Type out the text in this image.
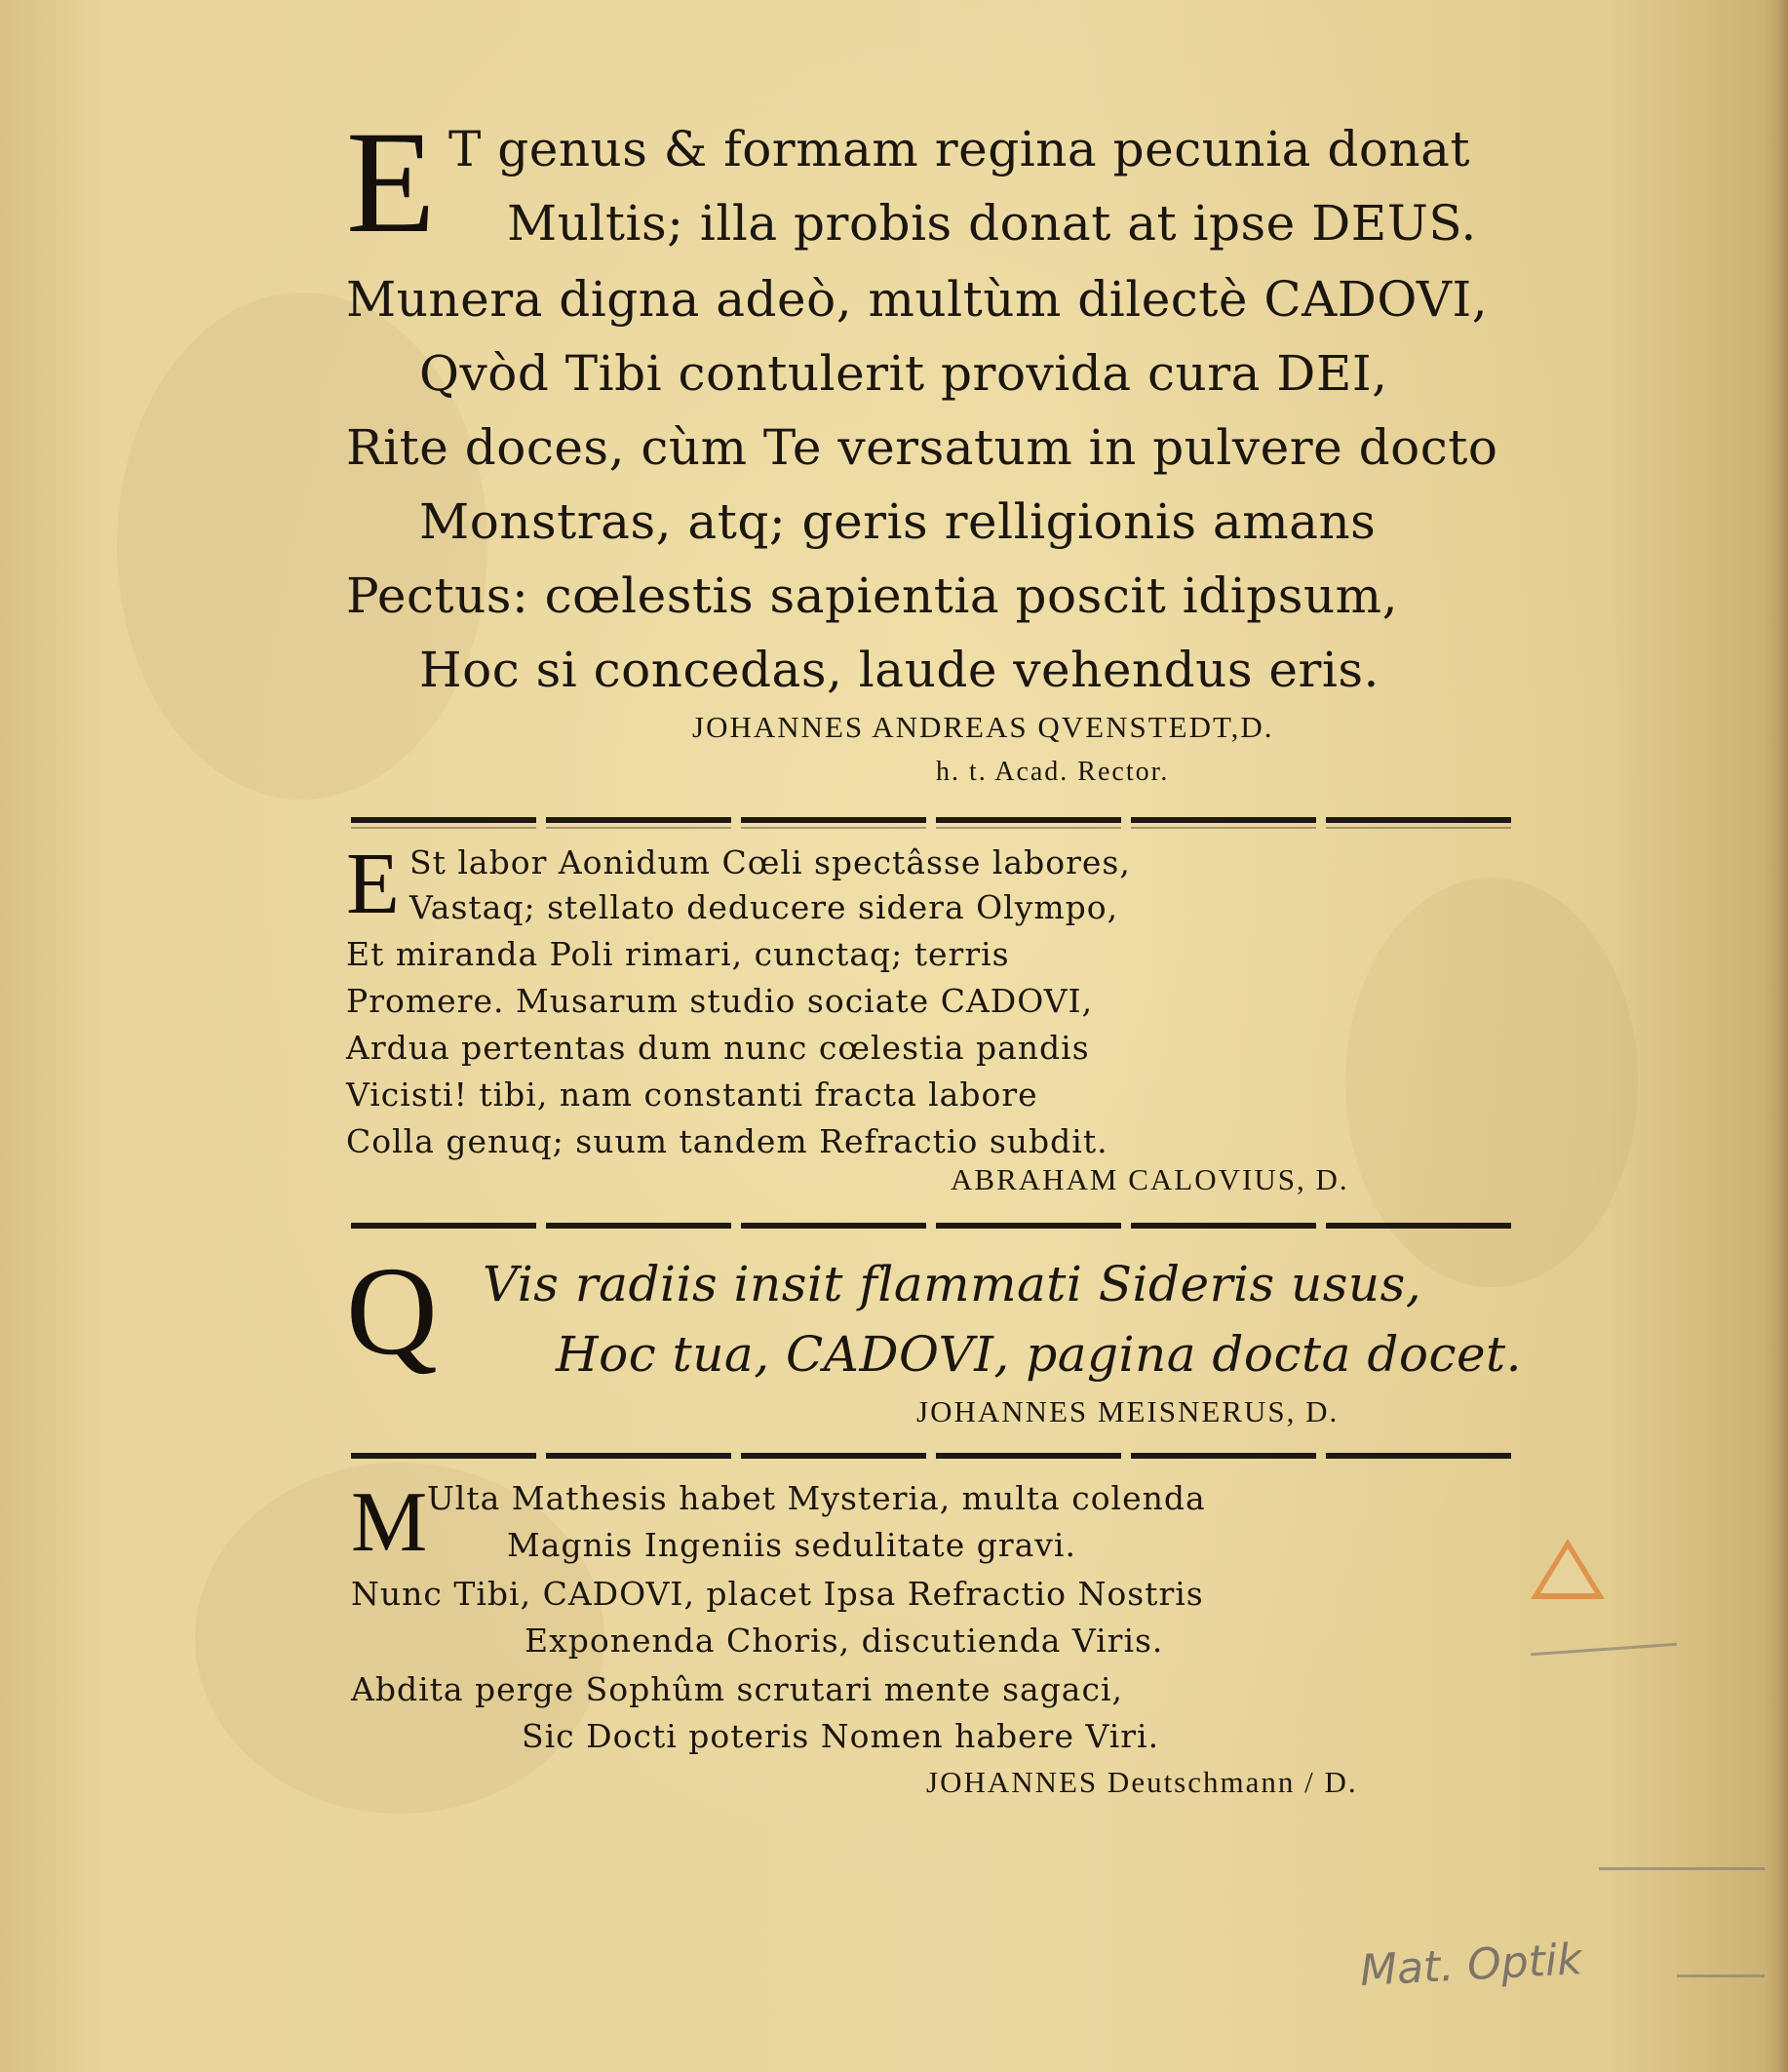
E T genus & formam regina pecunia donat
Multis; illa probis donat at ipse DEUS.
Munera digna adeò, multùm dilectè CADOVI,
Qvòd Tibi contulerit provida cura DEI,
Rite doces, cùm Te versatum in pulvere docto
Monstras, atq; geris relligionis amans
Pectus: cœlestis sapientia poscit idipsum,
Hoc si concedas, laude vehendus eris.
JOHANNES ANDREAS QVENSTEDT,D.
h. t. Acad. Rector.
E St labor Aonidum Cœli spectâsse labores,
Vastaq; stellato deducere sidera Olympo,
Et miranda Poli rimari, cunctaq; terris
Promere. Musarum studio sociate CADOVI,
Ardua pertentas dum nunc cœlestia pandis
Vicisti! tibi, nam constanti fracta labore
Colla genuq; suum tandem Refractio subdit.
ABRAHAM CALOVIUS, D.
Q Vis radiis insit flammati Sideris usus,
Hoc tua, CADOVI, pagina docta docet.
JOHANNES MEISNERUS, D.
M Ulta Mathesis habet Mysteria, multa colenda
Magnis Ingeniis sedulitate gravi.
Nunc Tibi, CADOVI, placet Ipsa Refractio Nostris
Exponenda Choris, discutienda Viris.
Abdita perge Sophûm scrutari mente sagaci,
Sic Docti poteris Nomen habere Viri.
JOHANNES Deutschmann / D.
Mat. Optik
